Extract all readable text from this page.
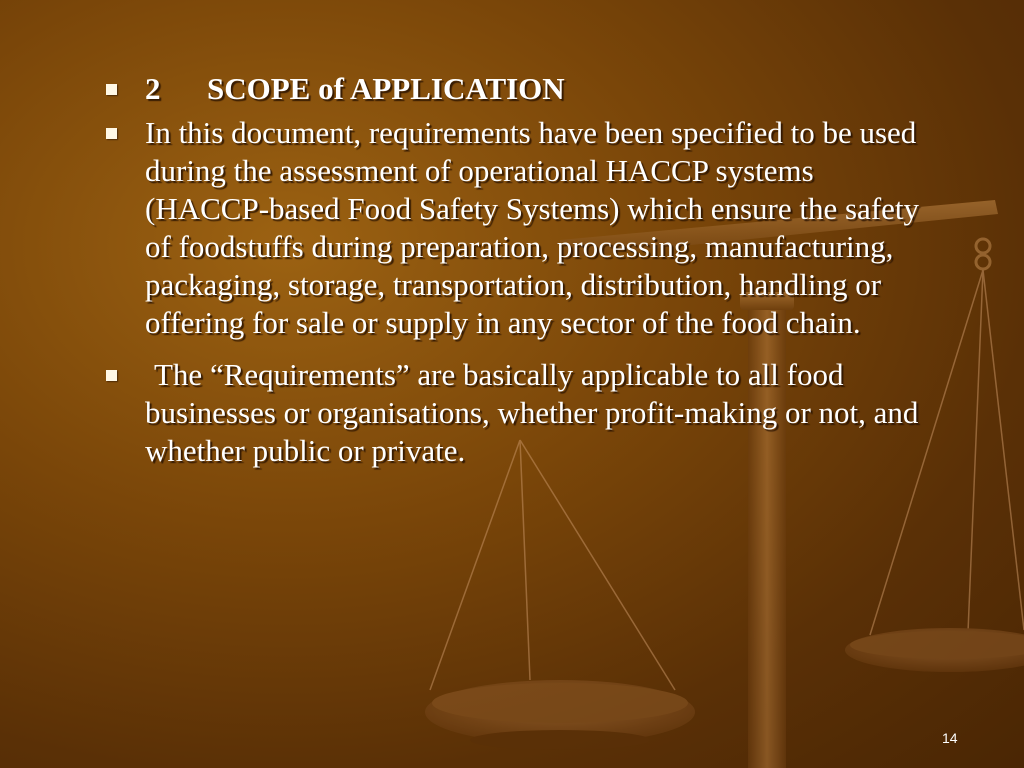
2 SCOPE of APPLICATION
In this document, requirements have been specified to be used during the assessment of operational HACCP systems (HACCP-based Food Safety Systems) which ensure the safety of foodstuffs during preparation, processing, manufacturing, packaging, storage, transportation, distribution, handling or offering for sale or supply in any sector of the food chain.
The “Requirements” are basically applicable to all food businesses or organisations, whether profit-making or not, and whether public or private.
14
